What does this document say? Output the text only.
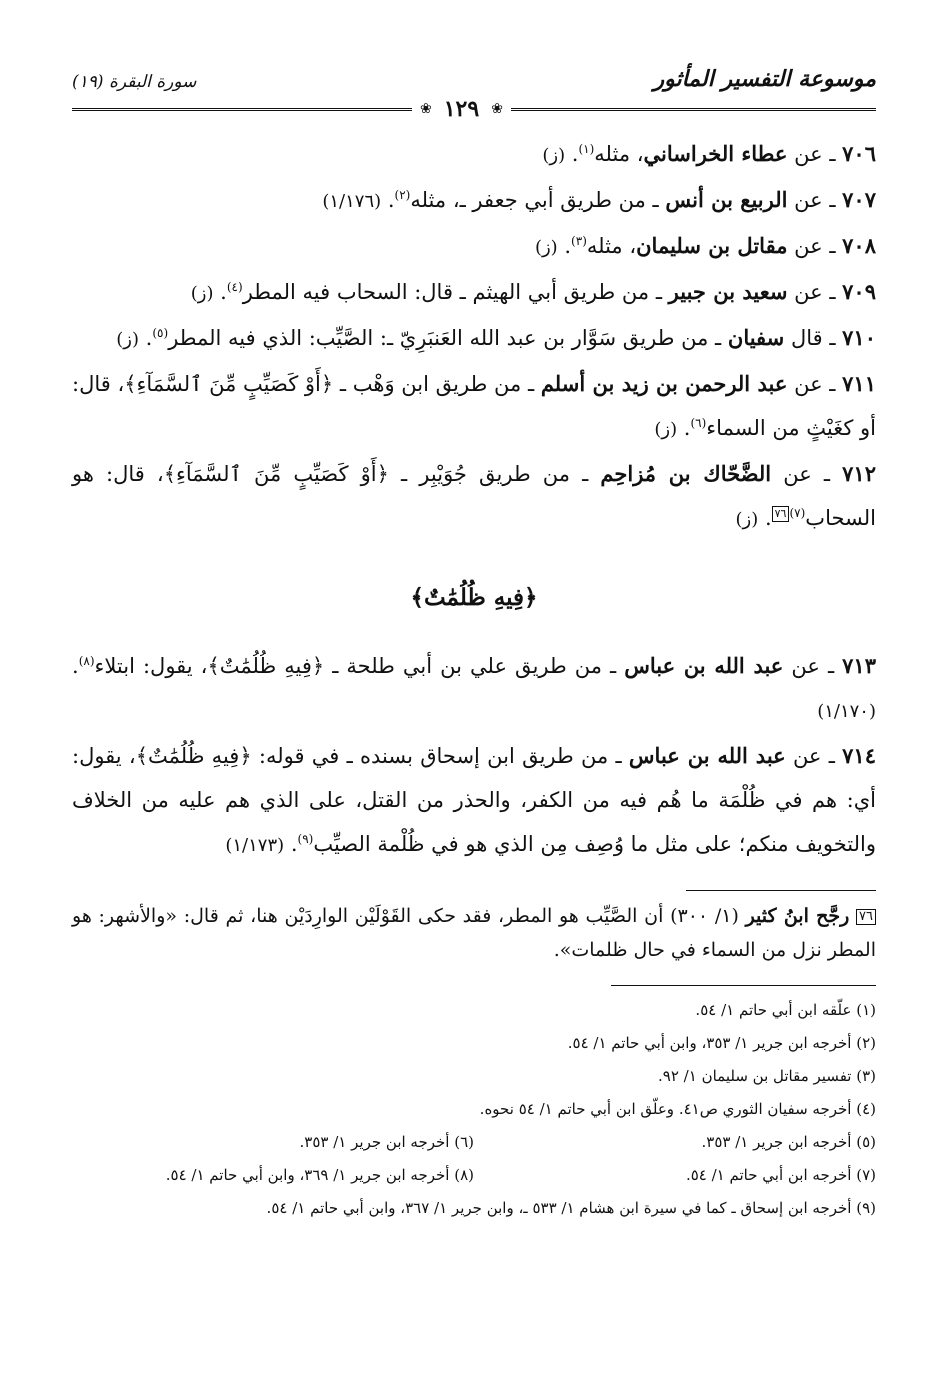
موسوعة التفسير المأثور
سورة البقرة (١٩)
❀
١٢٩
❀

٧٠٦ ـ عن عطاء الخراساني، مثله$^{(١)}$. (ز)

٧٠٧ ـ عن الربيع بن أنس ـ من طريق أبي جعفر ـ، مثله$^{(٢)}$. (١/١٧٦)

٧٠٨ ـ عن مقاتل بن سليمان، مثله$^{(٣)}$. (ز)

٧٠٩ ـ عن سعيد بن جبير ـ من طريق أبي الهيثم ـ قال: السحاب فيه المطر$^{(٤)}$. (ز)

٧١٠ ـ قال سفيان ـ من طريق سَوَّار بن عبد الله العَنبَرِيّ ـ: الصَّيِّب: الذي فيه المطر$^{(٥)}$. (ز)

٧١١ ـ عن عبد الرحمن بن زيد بن أسلم ـ من طريق ابن وَهْب ـ ﴿أَوْ كَصَيِّبٍ مِّنَ ٱلسَّمَآءِ﴾، قال: أو كغَيْثٍ من السماء$^{(٦)}$. (ز)

٧١٢ ـ عن الضَّحّاك بن مُزاحِم ـ من طريق جُوَيْبِر ـ ﴿أَوْ كَصَيِّبٍ مِّنَ ٱلسَّمَآءِ﴾، قال: هو السحاب$^{(٧)}$٧٦. (ز)

﴿فِيهِ ظُلُمَٰتٌ﴾

٧١٣ ـ عن عبد الله بن عباس ـ من طريق علي بن أبي طلحة ـ ﴿فِيهِ ظُلُمَٰتٌ﴾، يقول: ابتلاء$^{(٨)}$. (١/١٧٠)

٧١٤ ـ عن عبد الله بن عباس ـ من طريق ابن إسحاق بسنده ـ في قوله: ﴿فِيهِ ظُلُمَٰتٌ﴾، يقول: أي: هم في ظُلْمَة ما هُم فيه من الكفر، والحذر من القتل، على الذي هم عليه من الخلاف والتخويف منكم؛ على مثل ما وُصِف مِن الذي هو في ظُلْمة الصيِّب$^{(٩)}$. (١/١٧٣)

٧٦ رجَّح ابنُ كثير (١/ ٣٠٠) أن الصَّيِّب هو المطر، فقد حكى القَوْلَيْن الوارِدَيْن هنا، ثم قال: «والأشهر: هو المطر نزل من السماء في حال ظلمات».
(١) علّقه ابن أبي حاتم ١/ ٥٤.
(٢) أخرجه ابن جرير ١/ ٣٥٣، وابن أبي حاتم ١/ ٥٤.
(٣) تفسير مقاتل بن سليمان ١/ ٩٢.
(٤) أخرجه سفيان الثوري ص٤١. وعلّق ابن أبي حاتم ١/ ٥٤ نحوه.
(٥) أخرجه ابن جرير ١/ ٣٥٣.
(٦) أخرجه ابن جرير ١/ ٣٥٣.
(٧) أخرجه ابن أبي حاتم ١/ ٥٤.
(٨) أخرجه ابن جرير ١/ ٣٦٩، وابن أبي حاتم ١/ ٥٤.
(٩) أخرجه ابن إسحاق ـ كما في سيرة ابن هشام ١/ ٥٣٣ ـ، وابن جرير ١/ ٣٦٧، وابن أبي حاتم ١/ ٥٤.
